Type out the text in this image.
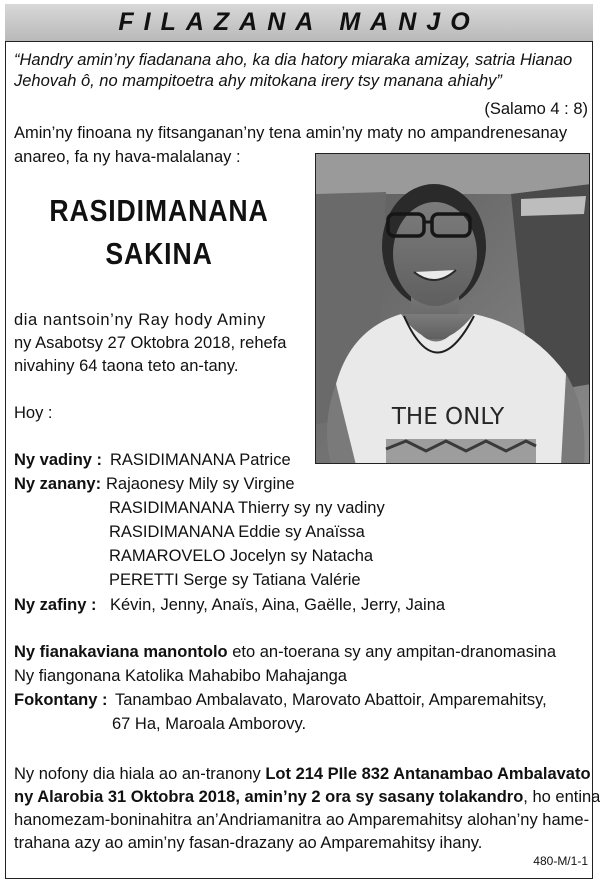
FILAZANA MANJO
“Handry amin’ny fiadanana aho, ka dia hatory miaraka amizay, satria Hianao
Jehovah ô, no mampitoetra ahy mitokana irery tsy manana ahiahy”
(Salamo 4 : 8)
Amin’ny finoana ny fitsanganan’ny tena amin’ny maty no ampandrenesanay
anareo, fa ny hava-malalanay :
RASIDIMANANA
SAKINA
dia nantsoin’ny Ray hody Aminy
ny Asabotsy 27 Oktobra 2018, rehefa
nivahiny 64 taona teto an-tany.
Hoy :
Ny vadiny : RASIDIMANANA Patrice
Ny zanany: Rajaonesy Mily sy Virgine
RASIDIMANANA Thierry sy ny vadiny
RASIDIMANANA Eddie sy Anaïssa
RAMAROVELO Jocelyn sy Natacha
PERETTI Serge sy Tatiana Valérie
Ny zafiny : Kévin, Jenny, Anaïs, Aina, Gaëlle, Jerry, Jaina
Ny fianakaviana manontolo eto an-toerana sy any ampitan-dranomasina
Ny fiangonana Katolika Mahabibo Mahajanga
Fokontany : Tanambao Ambalavato, Marovato Abattoir, Amparemahitsy,
67 Ha, Maroala Amborovy.
Ny nofony dia hiala ao an-tranony Lot 214 PIle 832 Antanambao Ambalavato
ny Alarobia 31 Oktobra 2018, amin’ny 2 ora sy sasany tolakandro, ho entina
hanomezam-boninahitra an’Andriamanitra ao Amparemahitsy alohan’ny hame-
trahana azy ao amin’ny fasan-drazany ao Amparemahitsy ihany.
480-M/1-1
THE ONLY
